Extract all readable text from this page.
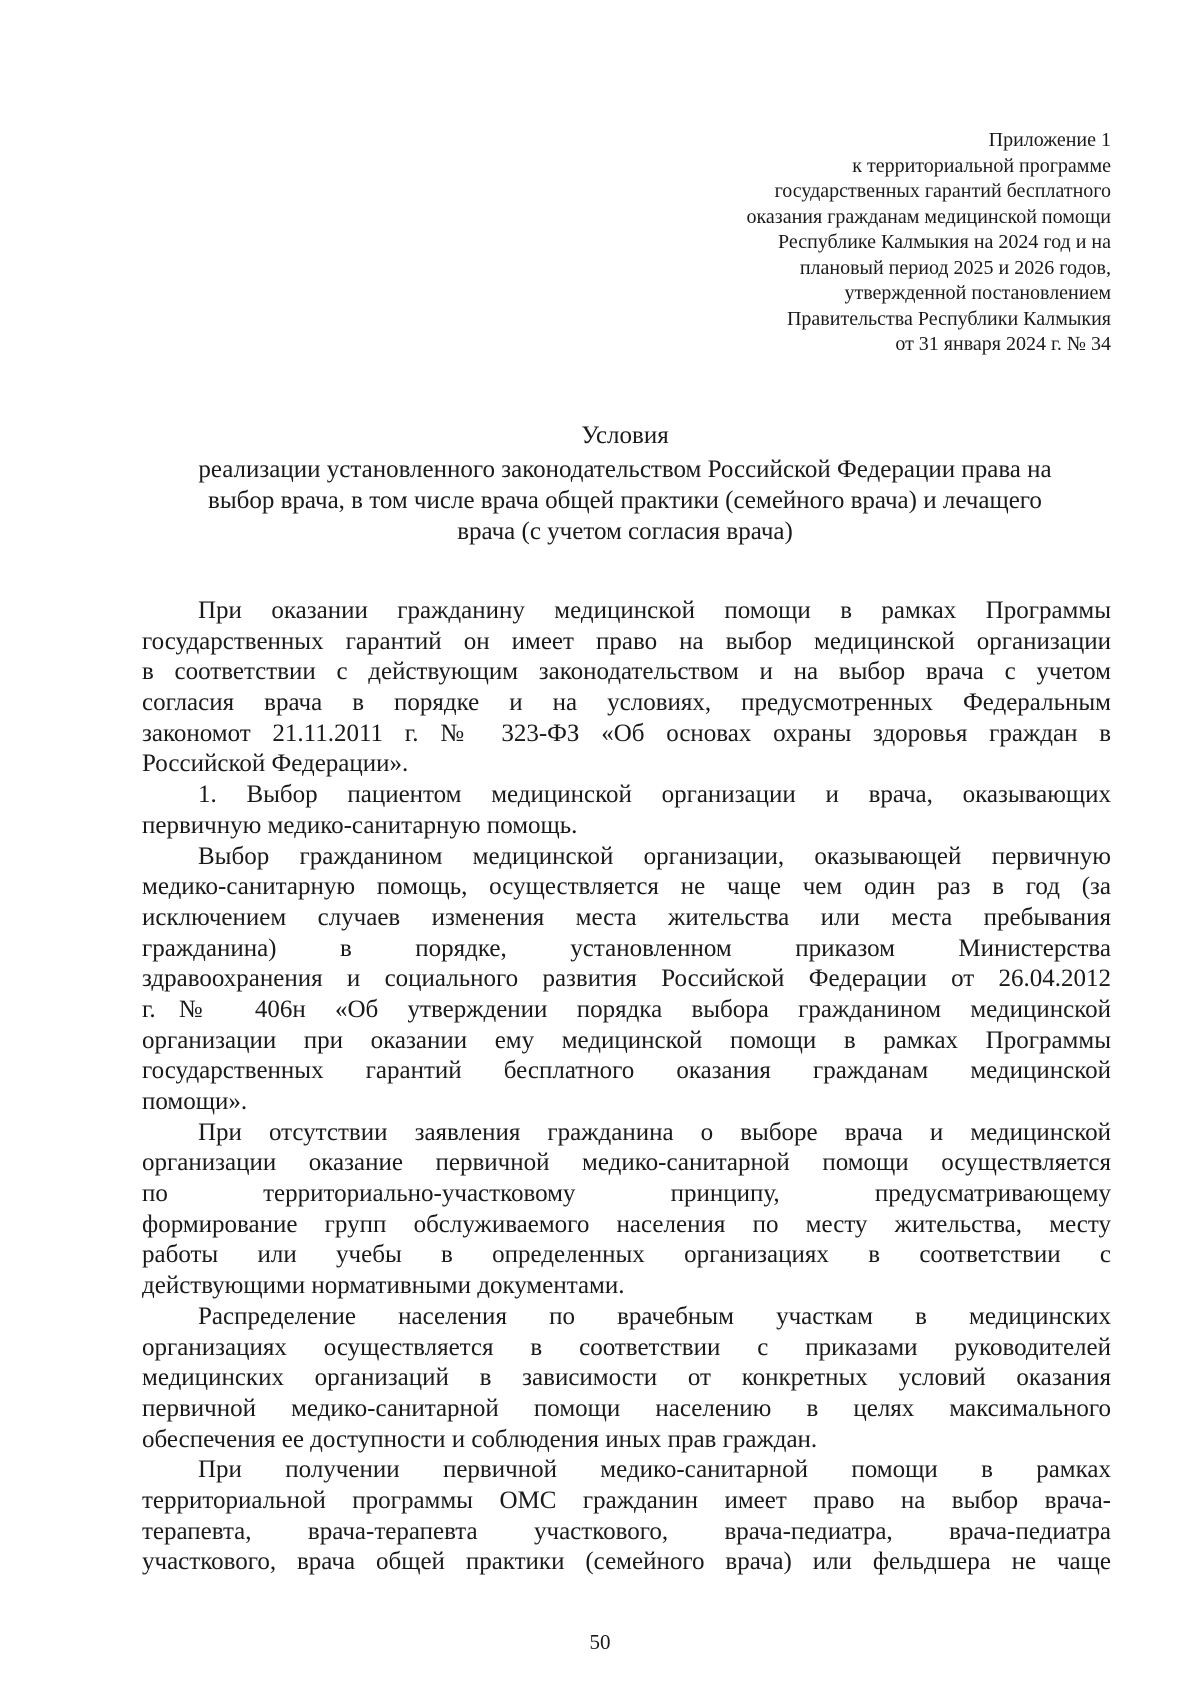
Приложение 1
к территориальной программе
государственных гарантий бесплатного
оказания гражданам медицинской помощи
Республике Калмыкия на 2024 год и на
плановый период 2025 и 2026 годов,
утвержденной постановлением
Правительства Республики Калмыкия
от 31 января 2024 г. № 34
Условия
реализации установленного законодательством Российской Федерации права на
выбор врача, в том числе врача общей практики (семейного врача) и лечащего
врача (с учетом согласия врача)
При оказании гражданину медицинской помощи в рамках Программы
государственных гарантий он имеет право на выбор медицинской организации
в соответствии с действующим законодательством и на выбор врача с учетом
согласия врача в порядке и на условиях, предусмотренных Федеральным
закономот 21.11.2011 г. № 323-ФЗ «Об основах охраны здоровья граждан в
Российской Федерации».
1. Выбор пациентом медицинской организации и врача, оказывающих
первичную медико-санитарную помощь.
Выбор гражданином медицинской организации, оказывающей первичную
медико-санитарную помощь, осуществляется не чаще чем один раз в год (за
исключением случаев изменения места жительства или места пребывания
гражданина) в порядке, установленном приказом Министерства
здравоохранения и социального развития Российской Федерации от 26.04.2012
г.№ 406н «Об утверждении порядка выбора гражданином медицинской
организации при оказании ему медицинской помощи в рамках Программы
государственных гарантий бесплатного оказания гражданам медицинской
помощи».
При отсутствии заявления гражданина о выборе врача и медицинской
организации оказание первичной медико-санитарной помощи осуществляется
по территориально-участковому принципу, предусматривающему
формирование групп обслуживаемого населения по месту жительства, месту
работы или учебы в определенных организациях в соответствии с
действующими нормативными документами.
Распределение населения по врачебным участкам в медицинских
организациях осуществляется в соответствии с приказами руководителей
медицинских организаций в зависимости от конкретных условий оказания
первичной медико-санитарной помощи населению в целях максимального
обеспечения ее доступности и соблюдения иных прав граждан.
При получении первичной медико-санитарной помощи в рамках
территориальной программы ОМС гражданин имеет право на выбор врача-
терапевта, врача-терапевта участкового, врача-педиатра, врача-педиатра
участкового, врача общей практики (семейного врача) или фельдшера не чаще
50
